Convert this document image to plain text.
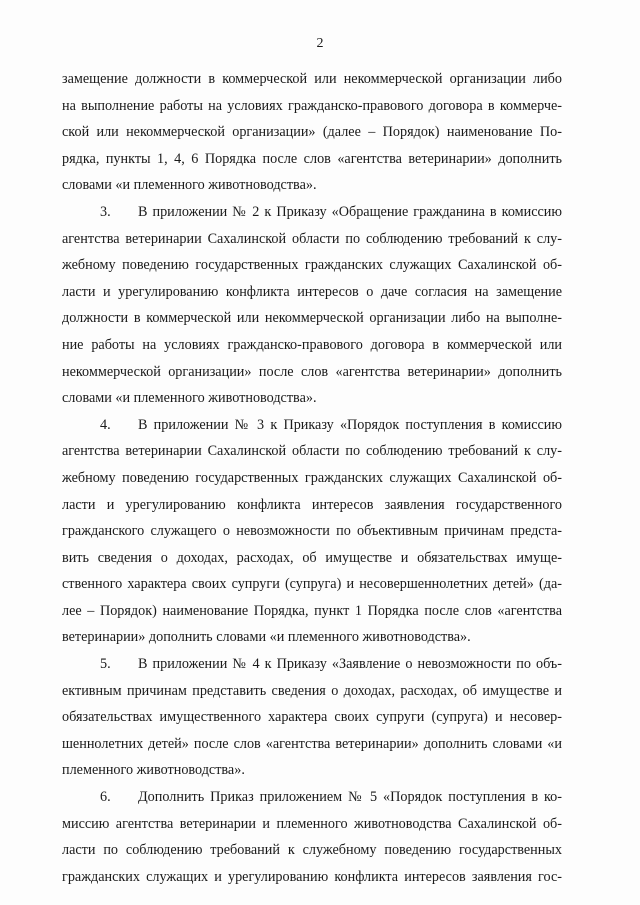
2

замещение должности в коммерческой или некоммерческой организации либо
на выполнение работы на условиях гражданско-правового договора в коммерче-
ской или некоммерческой организации» (далее – Порядок) наименование По-
рядка, пункты 1, 4, 6 Порядка после слов «агентства ветеринарии» дополнить
словами «и племенного животноводства».

3. В приложении № 2 к Приказу «Обращение гражданина в комиссию
агентства ветеринарии Сахалинской области по соблюдению требований к слу-
жебному поведению государственных гражданских служащих Сахалинской об-
ласти и урегулированию конфликта интересов о даче согласия на замещение
должности в коммерческой или некоммерческой организации либо на выполне-
ние работы на условиях гражданско-правового договора в коммерческой или
некоммерческой организации» после слов «агентства ветеринарии» дополнить
словами «и племенного животноводства».

4. В приложении № 3 к Приказу «Порядок поступления в комиссию
агентства ветеринарии Сахалинской области по соблюдению требований к слу-
жебному поведению государственных гражданских служащих Сахалинской об-
ласти и урегулированию конфликта интересов заявления государственного
гражданского служащего о невозможности по объективным причинам предста-
вить сведения о доходах, расходах, об имуществе и обязательствах имуще-
ственного характера своих супруги (супруга) и несовершеннолетних детей» (да-
лее – Порядок) наименование Порядка, пункт 1 Порядка после слов «агентства
ветеринарии» дополнить словами «и племенного животноводства».

5. В приложении № 4 к Приказу «Заявление о невозможности по объ-
ективным причинам представить сведения о доходах, расходах, об имуществе и
обязательствах имущественного характера своих супруги (супруга) и несовер-
шеннолетних детей» после слов «агентства ветеринарии» дополнить словами «и
племенного животноводства».

6. Дополнить Приказ приложением № 5 «Порядок поступления в ко-
миссию агентства ветеринарии и племенного животноводства Сахалинской об-
ласти по соблюдению требований к служебному поведению государственных
гражданских служащих и урегулированию конфликта интересов заявления гос-
